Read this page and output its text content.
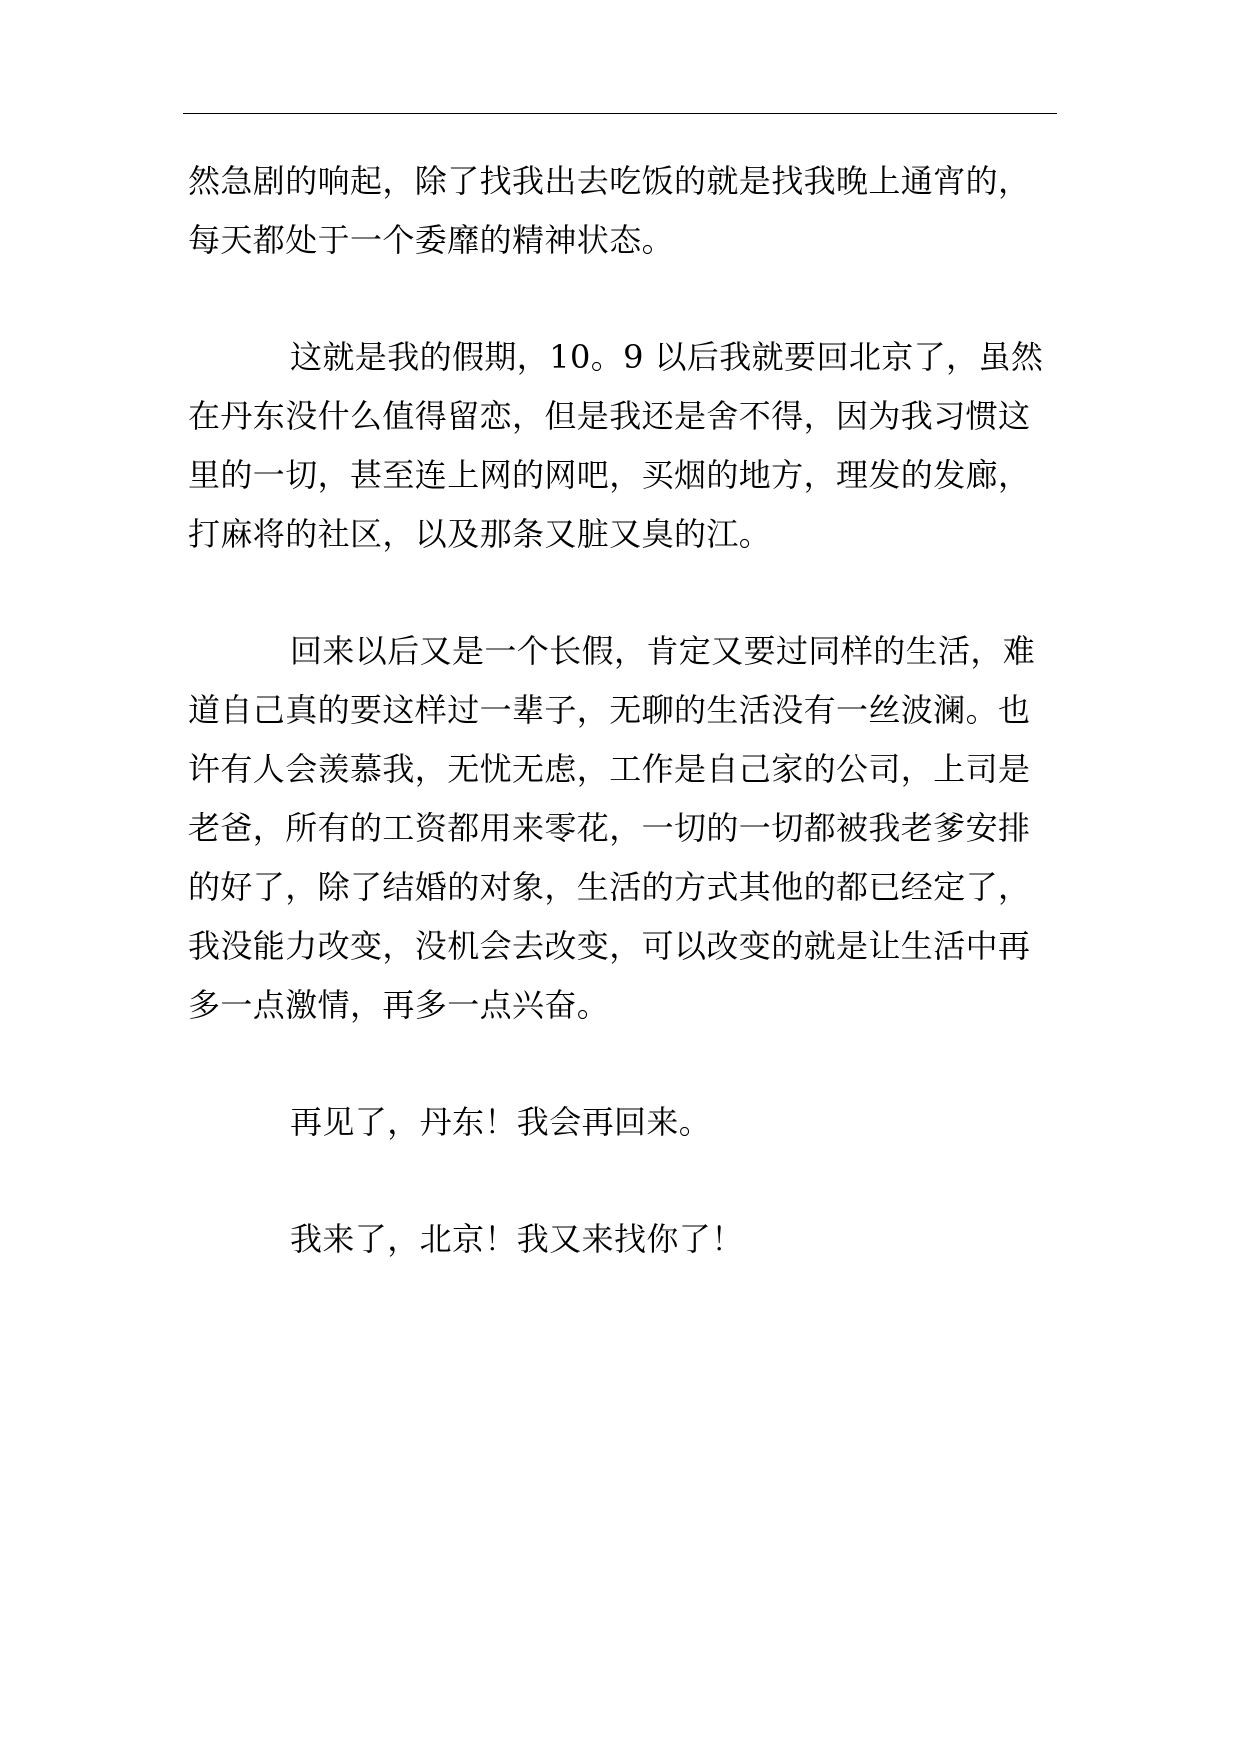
然急剧的响起，除了找我出去吃饭的就是找我晚上通宵的，

每天都处于一个委靡的精神状态。

这就是我的假期，10。9 以后我就要回北京了，虽然

在丹东没什么值得留恋，但是我还是舍不得，因为我习惯这

里的一切，甚至连上网的网吧，买烟的地方，理发的发廊，

打麻将的社区，以及那条又脏又臭的江。

回来以后又是一个长假，肯定又要过同样的生活，难

道自己真的要这样过一辈子，无聊的生活没有一丝波澜。也

许有人会羡慕我，无忧无虑，工作是自己家的公司，上司是

老爸，所有的工资都用来零花，一切的一切都被我老爹安排

的好了，除了结婚的对象，生活的方式其他的都已经定了，

我没能力改变，没机会去改变，可以改变的就是让生活中再

多一点激情，再多一点兴奋。

再见了，丹东！我会再回来。

我来了，北京！我又来找你了！
